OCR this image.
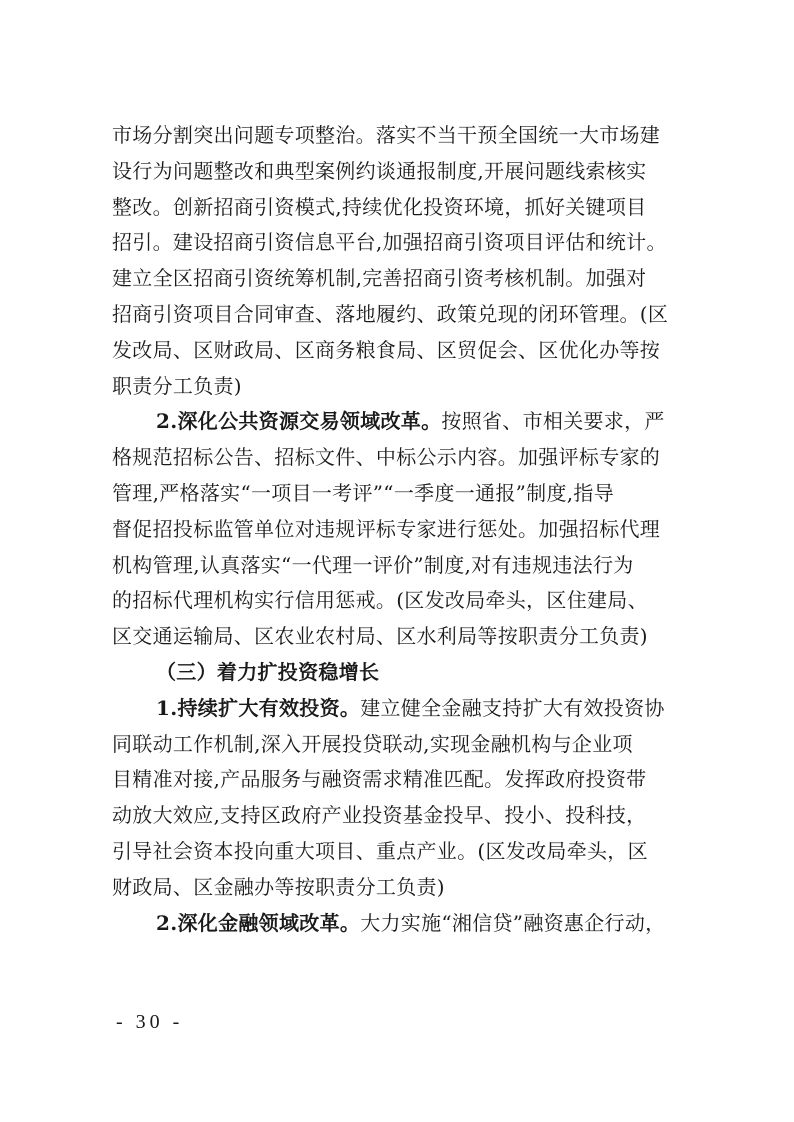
市场分割突出问题专项整治。落实不当干预全国统一大市场建
设行为问题整改和典型案例约谈通报制度,开展问题线索核实
整改。创新招商引资模式,持续优化投资环境，抓好关键项目
招引。建设招商引资信息平台,加强招商引资项目评估和统计。
建立全区招商引资统筹机制,完善招商引资考核机制。加强对
招商引资项目合同审查、落地履约、政策兑现的闭环管理。(区
发改局、区财政局、区商务粮食局、区贸促会、区优化办等按
职责分工负责)
2.深化公共资源交易领域改革。按照省、市相关要求，严
格规范招标公告、招标文件、中标公示内容。加强评标专家的
管理,严格落实“一项目一考评”“一季度一通报”制度,指导
督促招投标监管单位对违规评标专家进行惩处。加强招标代理
机构管理,认真落实“一代理一评价”制度,对有违规违法行为
的招标代理机构实行信用惩戒。(区发改局牵头，区住建局、
区交通运输局、区农业农村局、区水利局等按职责分工负责)
（三）着力扩投资稳增长
1.持续扩大有效投资。建立健全金融支持扩大有效投资协
同联动工作机制,深入开展投贷联动,实现金融机构与企业项
目精准对接,产品服务与融资需求精准匹配。发挥政府投资带
动放大效应,支持区政府产业投资基金投早、投小、投科技，
引导社会资本投向重大项目、重点产业。(区发改局牵头，区
财政局、区金融办等按职责分工负责)
2.深化金融领域改革。大力实施“湘信贷”融资惠企行动，
- 30 -
